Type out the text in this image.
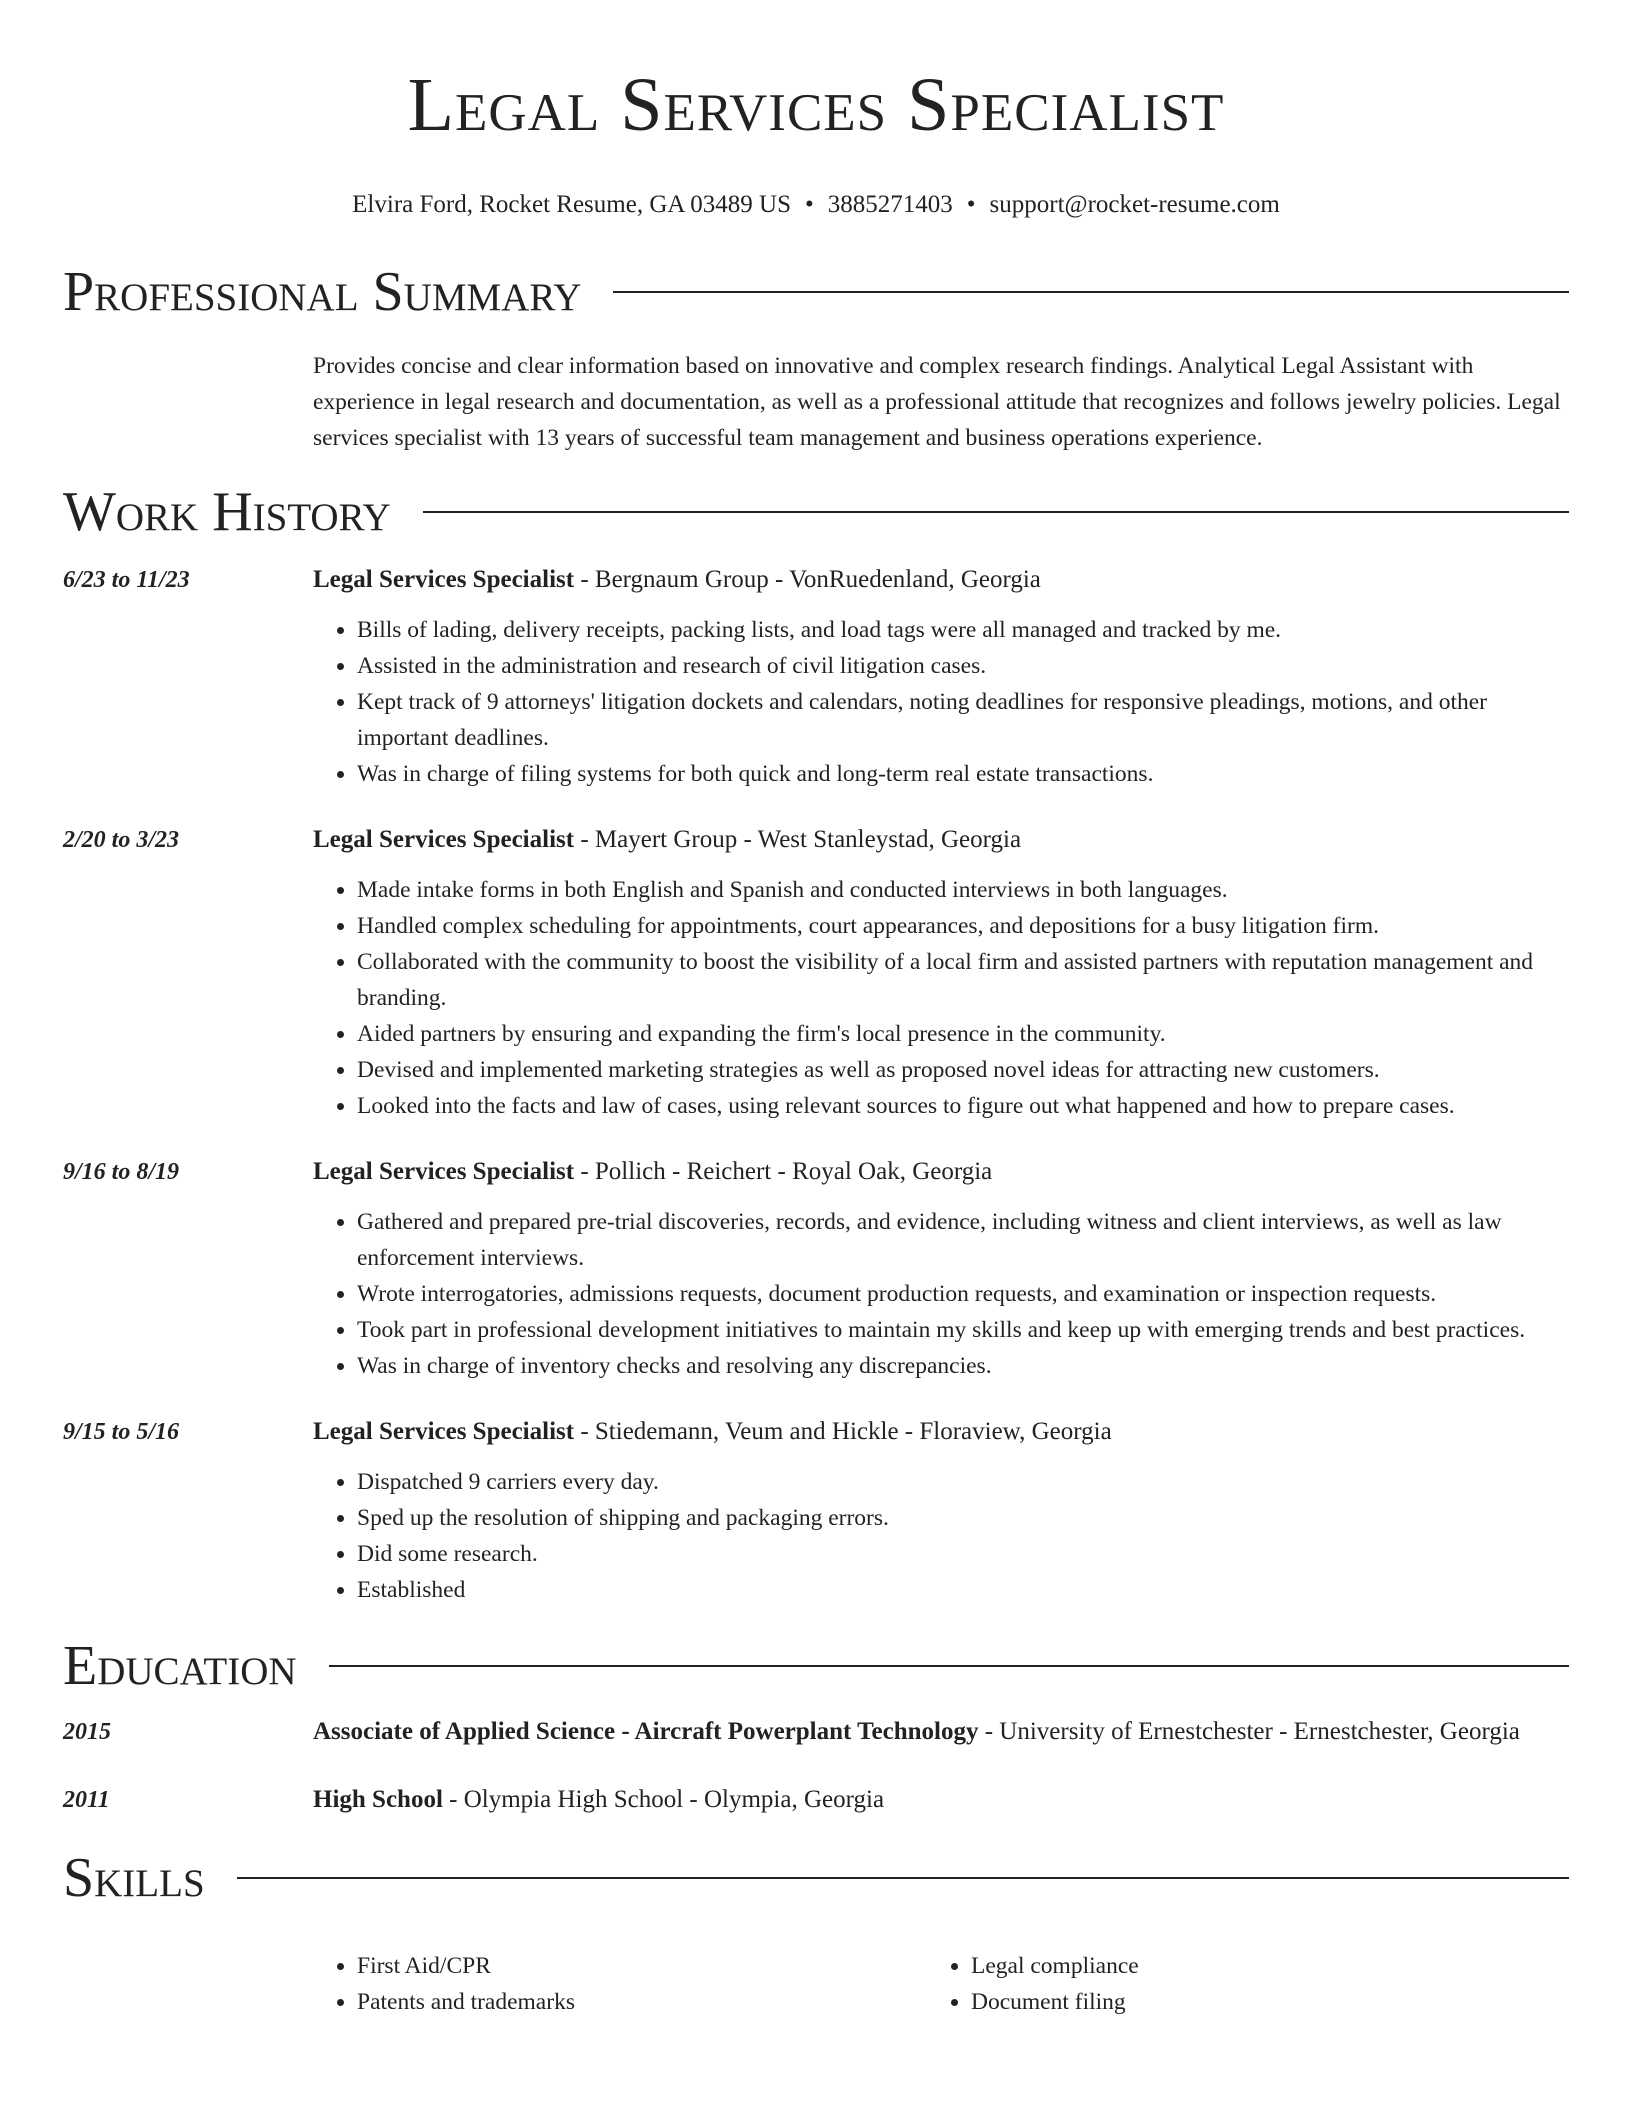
Legal Services Specialist
Elvira Ford, Rocket Resume, GA 03489 US • 3885271403 • support@rocket-resume.com
Professional Summary

Provides concise and clear information based on innovative and complex research findings. Analytical Legal Assistant with experience in legal research and documentation, as well as a professional attitude that recognizes and follows jewelry policies. Legal services specialist with 13 years of successful team management and business operations experience.

Work History
6/23 to 11/23	Legal Services Specialist - Bergnaum Group - VonRuedenland, Georgia
• Bills of lading, delivery receipts, packing lists, and load tags were all managed and tracked by me.
• Assisted in the administration and research of civil litigation cases.
• Kept track of 9 attorneys' litigation dockets and calendars, noting deadlines for responsive pleadings, motions, and other important deadlines.
• Was in charge of filing systems for both quick and long-term real estate transactions.
2/20 to 3/23	Legal Services Specialist - Mayert Group - West Stanleystad, Georgia
• Made intake forms in both English and Spanish and conducted interviews in both languages.
• Handled complex scheduling for appointments, court appearances, and depositions for a busy litigation firm.
• Collaborated with the community to boost the visibility of a local firm and assisted partners with reputation management and branding.
• Aided partners by ensuring and expanding the firm's local presence in the community.
• Devised and implemented marketing strategies as well as proposed novel ideas for attracting new customers.
• Looked into the facts and law of cases, using relevant sources to figure out what happened and how to prepare cases.
9/16 to 8/19	Legal Services Specialist - Pollich - Reichert - Royal Oak, Georgia
• Gathered and prepared pre-trial discoveries, records, and evidence, including witness and client interviews, as well as law enforcement interviews.
• Wrote interrogatories, admissions requests, document production requests, and examination or inspection requests.
• Took part in professional development initiatives to maintain my skills and keep up with emerging trends and best practices.
• Was in charge of inventory checks and resolving any discrepancies.
9/15 to 5/16	Legal Services Specialist - Stiedemann, Veum and Hickle - Floraview, Georgia
• Dispatched 9 carriers every day.
• Sped up the resolution of shipping and packaging errors.
• Did some research.
• Established
Education
2015	Associate of Applied Science - Aircraft Powerplant Technology - University of Ernestchester - Ernestchester, Georgia
2011	High School - Olympia High School - Olympia, Georgia
Skills
• First Aid/CPR
• Patents and trademarks
• Legal compliance
• Document filing
